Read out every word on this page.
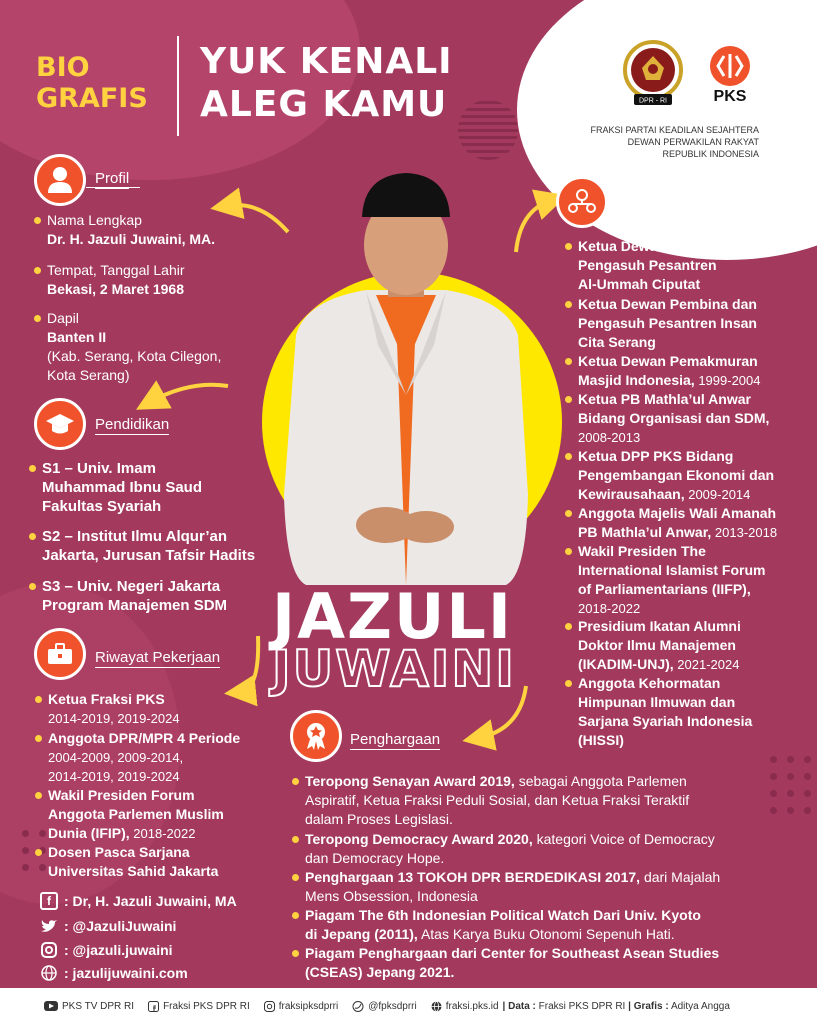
BIO
GRAFIS
YUK KENALI
ALEG KAMU	DPR - RI	PKS
FRAKSI PARTAI KEADILAN SEJAHTERA
DEWAN PERWAKILAN RAKYAT
REPUBLIK INDONESIA
JAZULI
JUWAINI
Profil
Nama Lengkap
Dr. H. Jazuli Juwaini, MA.
Tempat, Tanggal Lahir
Bekasi, 2 Maret 1968
Dapil
Banten II
(Kab. Serang, Kota Cilegon,
Kota Serang)
Pendidikan
S1 – Univ. Imam
Muhammad Ibnu Saud
Fakultas Syariah
S2 – Institut Ilmu Alqur’an
Jakarta, Jurusan Tafsir Hadits
S3 – Univ. Negeri Jakarta
Program Manajemen SDM
Riwayat Pekerjaan
Ketua Fraksi PKS
2014-2019, 2019-2024
Anggota DPR/MPR 4 Periode
2004-2009, 2009-2014,
2014-2019, 2019-2024
Wakil Presiden Forum
Anggota Parlemen Muslim
Dunia (IFIP), 2018-2022
Dosen Pasca Sarjana
Universitas Sahid Jakarta
f : Dr, H. Jazuli Juwaini, MA
: @JazuliJuwaini
: @jazuli.juwaini
: jazulijuwaini.com
Riwayat Organisasi
Ketua Dewan Pembina dan
Pengasuh Pesantren
Al-Ummah Ciputat
Ketua Dewan Pembina dan
Pengasuh Pesantren Insan
Cita Serang
Ketua Dewan Pemakmuran
Masjid Indonesia, 1999-2004
Ketua PB Mathla’ul Anwar
Bidang Organisasi dan SDM,
2008-2013
Ketua DPP PKS Bidang
Pengembangan Ekonomi dan
Kewirausahaan, 2009-2014
Anggota Majelis Wali Amanah
PB Mathla’ul Anwar, 2013-2018
Wakil Presiden The
International Islamist Forum
of Parliamentarians (IIFP),
2018-2022
Presidium Ikatan Alumni
Doktor Ilmu Manajemen
(IKADIM-UNJ), 2021-2024
Anggota Kehormatan
Himpunan Ilmuwan dan
Sarjana Syariah Indonesia
(HISSI)
Penghargaan
Teropong Senayan Award 2019, sebagai Anggota Parlemen
Aspiratif, Ketua Fraksi Peduli Sosial, dan Ketua Fraksi Teraktif
dalam Proses Legislasi.
Teropong Democracy Award 2020, kategori Voice of Democracy
dan Democracy Hope.
Penghargaan 13 TOKOH DPR BERDEDIKASI 2017, dari Majalah
Mens Obsession, Indonesia
Piagam The 6th Indonesian Political Watch Dari Univ. Kyoto
di Jepang (2011), Atas Karya Buku Otonomi Sepenuh Hati.
Piagam Penghargaan dari Center for Southeast Asean Studies
(CSEAS) Jepang 2021.
PKS TV DPR RI	Fraksi PKS DPR RI	fraksipksdprri	@fpksdprri	fraksi.pks.id | Data : Fraksi PKS DPR RI | Grafis : Aditya Angga
